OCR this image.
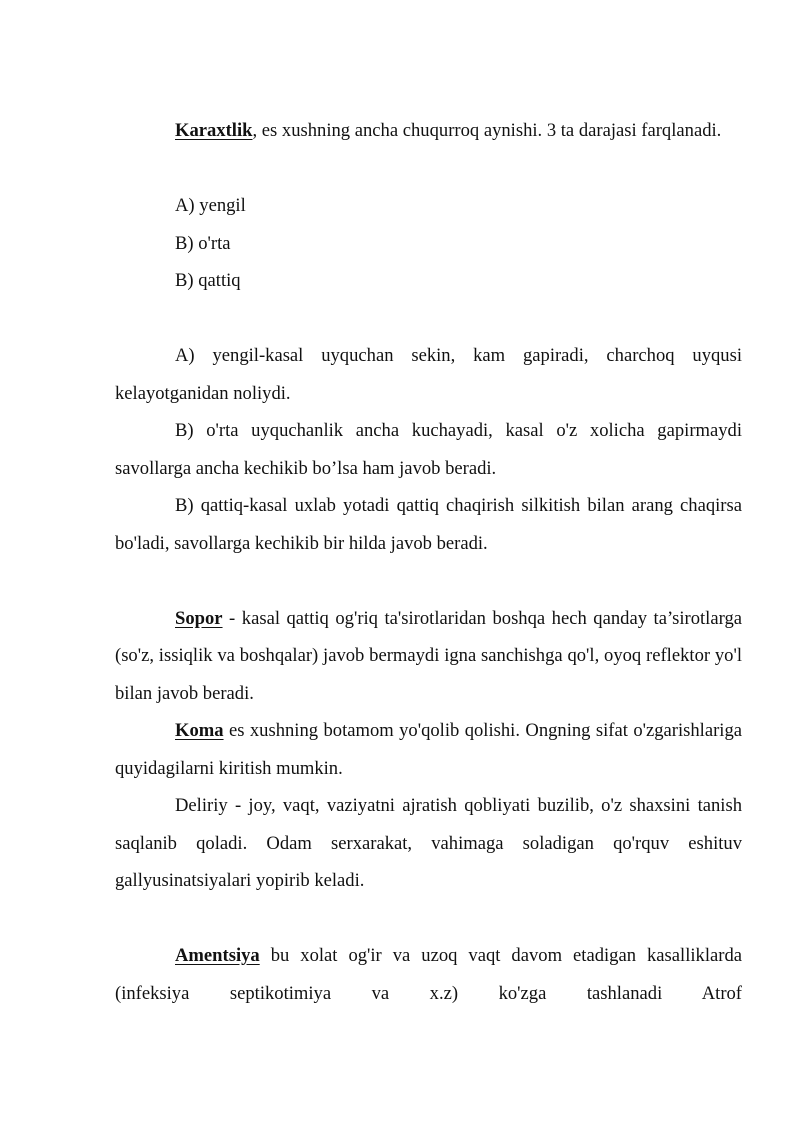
Karaxtlik, es xushning anchа chuqurroq aynishi. 3 ta darajasi farqlanadi.

A) yengil

B) o'rta

B) qattiq

A) yengil-kasal uyquchan sekin, kam gapiradi, charchoq uyqusi kelayotganidan noliydi.

B) o'rta uyquchanlik ancha kuchayadi, kasal o'z xolicha gapirmaydi savollarga ancha kechikib bo’lsa ham javob beradi.

B) qattiq-kasal uxlab yotadi qattiq chaqirish silkitish bilan arang chaqirsa bo'ladi, savollarga kechikib bir hilda javob beradi.

Sopor - kasal qattiq og'riq ta'sirotlaridan boshqa hech qanday ta’sirotlarga (so'z, issiqlik va boshqalar) javob bermaydi igna sanchishga qo'l, oyoq reflektor yo'l bilan javob beradi.

Koma es xushning botamom yo'qolib qolishi. Ongning sifat o'zgarishlariga quyidagilarni kiritish mumkin.

Deliriy - joy, vaqt, vaziyatni ajratish qobliyati buzilib, o'z shaxsini tanish saqlanib qoladi. Odam serxarakat, vahimaga soladigan qo'rquv eshituv gallyusinatsiyalari yopirib keladi.

Amentsiya bu xolat og'ir va uzoq vaqt davom etadigan kasalliklarda (infeksiya septikotimiya va x.z) ko'zga tashlanadi Atrof
